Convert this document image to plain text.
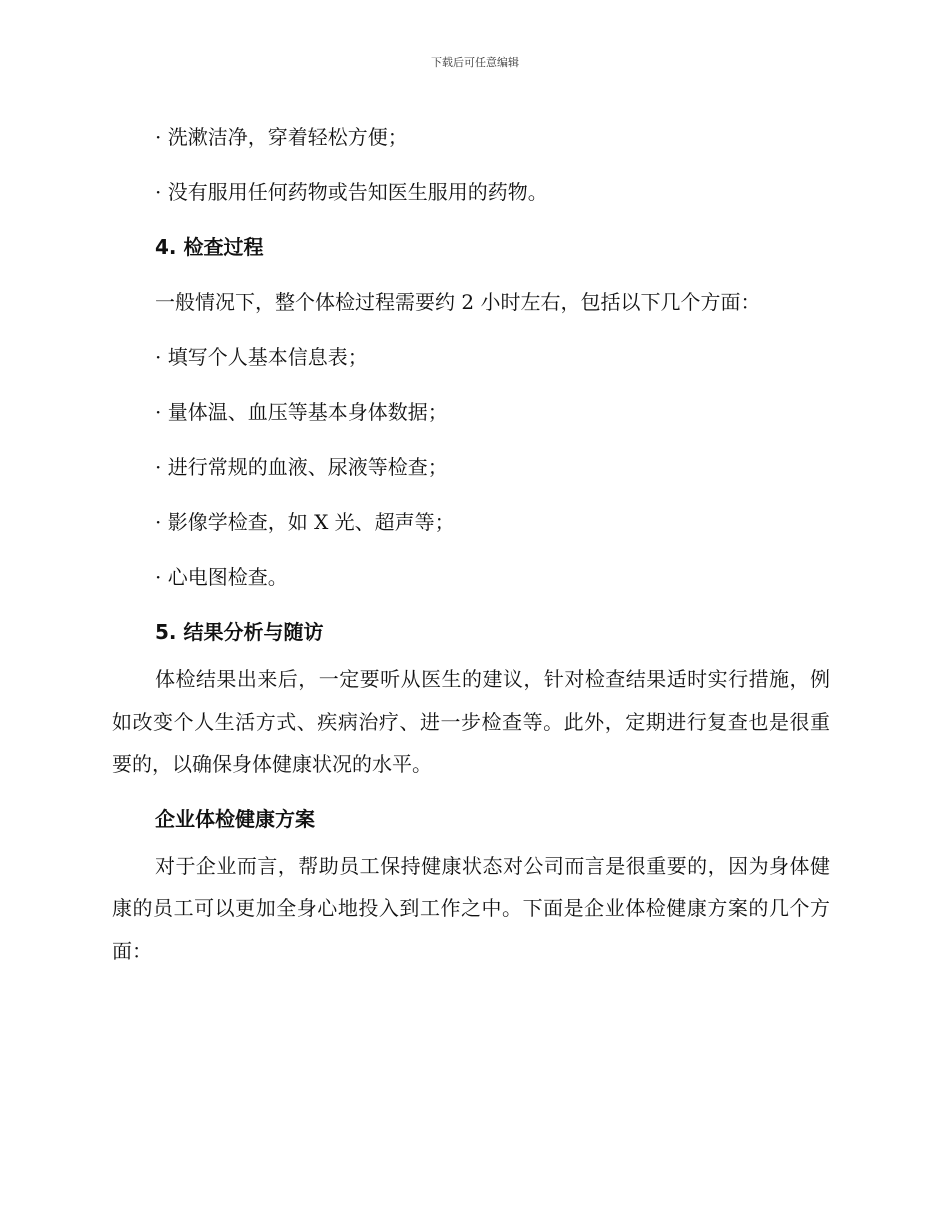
下载后可任意编辑

· 洗漱洁净，穿着轻松方便；

· 没有服用任何药物或告知医生服用的药物。

4. 检查过程

一般情况下，整个体检过程需要约 2 小时左右，包括以下几个方面：

· 填写个人基本信息表；

· 量体温、血压等基本身体数据；

· 进行常规的血液、尿液等检查；

· 影像学检查，如 X 光、超声等；

· 心电图检查。

5. 结果分析与随访

体检结果出来后，一定要听从医生的建议，针对检查结果适时实行措施，例如改变个人生活方式、疾病治疗、进一步检查等。此外，定期进行复查也是很重要的，以确保身体健康状况的水平。

企业体检健康方案

对于企业而言，帮助员工保持健康状态对公司而言是很重要的，因为身体健康的员工可以更加全身心地投入到工作之中。下面是企业体检健康方案的几个方面：
